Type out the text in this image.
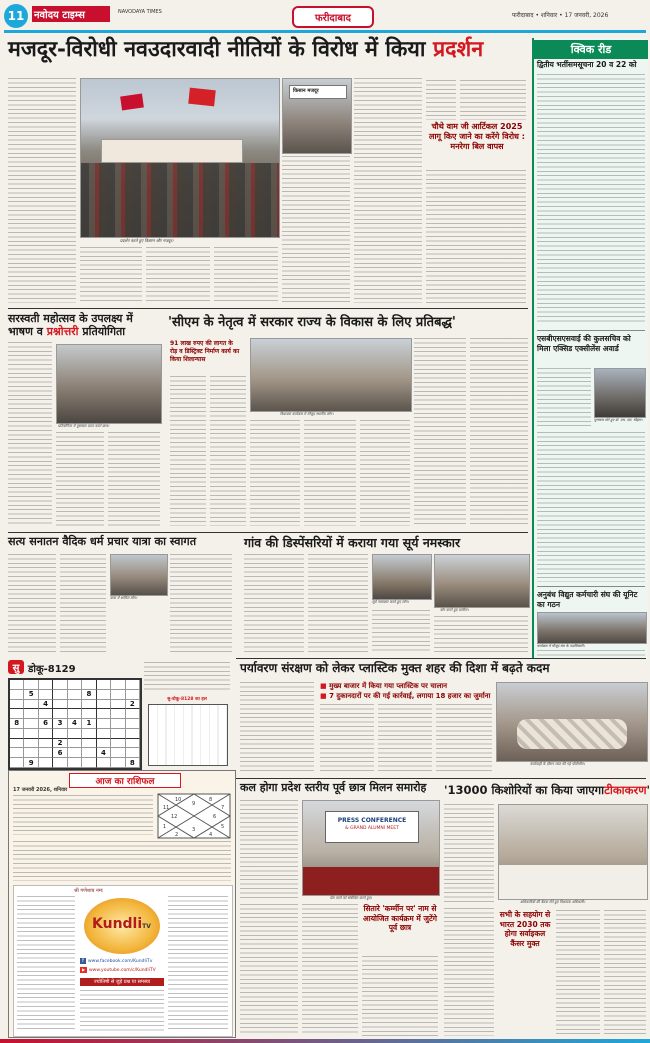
11 नवोदय टाइम्स	NAVODAYA TIMES
फरीदाबाद	फरीदाबाद • शनिवार • 17 जनवरी, 2026
मजदूर-विरोधी नवउदारवादी नीतियों के विरोध में किया प्रदर्शन
प्रदर्शन करते हुए किसान और मजदूर।
किसान मजदूर
चौथे वाम जी आर्टिकल 2025 लागू किए जाने का करेंगे विरोध : मनरेगा बिल वापस
क्विक रीड
द्वितीय भर्तीसमसूचना 20 व 22 को
एसबीएसएसवाई की कुलसचिव को मिला एक्सिड एक्सीलेंस अवार्ड
पुरस्कार लेते हुए डॉ. एस. एल. चौहान।
अनुबंध विद्युत कर्मचारी संघ की यूनिट का गठन
कार्यक्रम में मौजूद संघ के पदाधिकारी।
सरस्वती महोत्सव के उपलक्ष्य में भाषण व प्रश्नोत्तरी प्रतियोगिता
प्रतियोगिता में पुरस्कार प्राप्त करते छात्र।
'सीएम के नेतृत्व में सरकार राज्य के विकास के लिए प्रतिबद्ध'
91 लाख रुपए की लागत के रोड़ व डिस्ट्रिक्ट निर्माण कार्य का किया शिलान्यास
विधायक कार्यक्रम में मौजूद स्थानीय लोग।
सत्य सनातन वैदिक धर्म प्रचार यात्रा का स्वागत
यात्रा में शामिल लोग।
गांव की डिस्पेंसरियों में कराया गया सूर्य नमस्कार
सूर्य नमस्कार करते हुए लोग।
योग करते हुए ग्रामीण।
सु डोकू-8129
5	8
4	2
8	6	3	4	1
2
6	4
9	8
सु-डोकू-8128 का हल
आज का राशिफल
17 जनवरी 2026, शनिवार
9
10
11
12
1
2
3
4
5
6
7
8
श्री गणेशाय नमः
KundliTV
f www.facebook.com/KundliTv
▶ www.youtube.com/c/KundliTV
ज्योतिषी से जुड़े प्रश्न या समस्या
पर्यावरण संरक्षण को लेकर प्लास्टिक मुक्त शहर की दिशा में बढ़ते कदम
■ मुख्य बाजार में किया गया प्लास्टिक पर चालान
■ 7 दुकानदारों पर की गई कार्रवाई, लगाया 18 हजार का जुर्माना
कार्यवाही के दौरान जब्त की गई पॉलीथीन।
कल होगा प्रदेश स्तरीय पूर्व छात्र मिलन समारोह
PRESS CONFERENCE
& GRAND ALUMNI MEET
प्रेस वार्ता को संबोधित करते हुए।
सितारे 'कर्म्मीन पर' नाम से आयोजित कार्यक्रम में जुटेंगे पूर्व छात्र
'13000 किशोरियों का किया जाएगाटीकाकरण'
अधिकारियों की बैठक लेते हुए विधायक अधिकारी।
सभी के सहयोग से भारत 2030 तक होगा सर्वाइकल कैंसर मुक्त
